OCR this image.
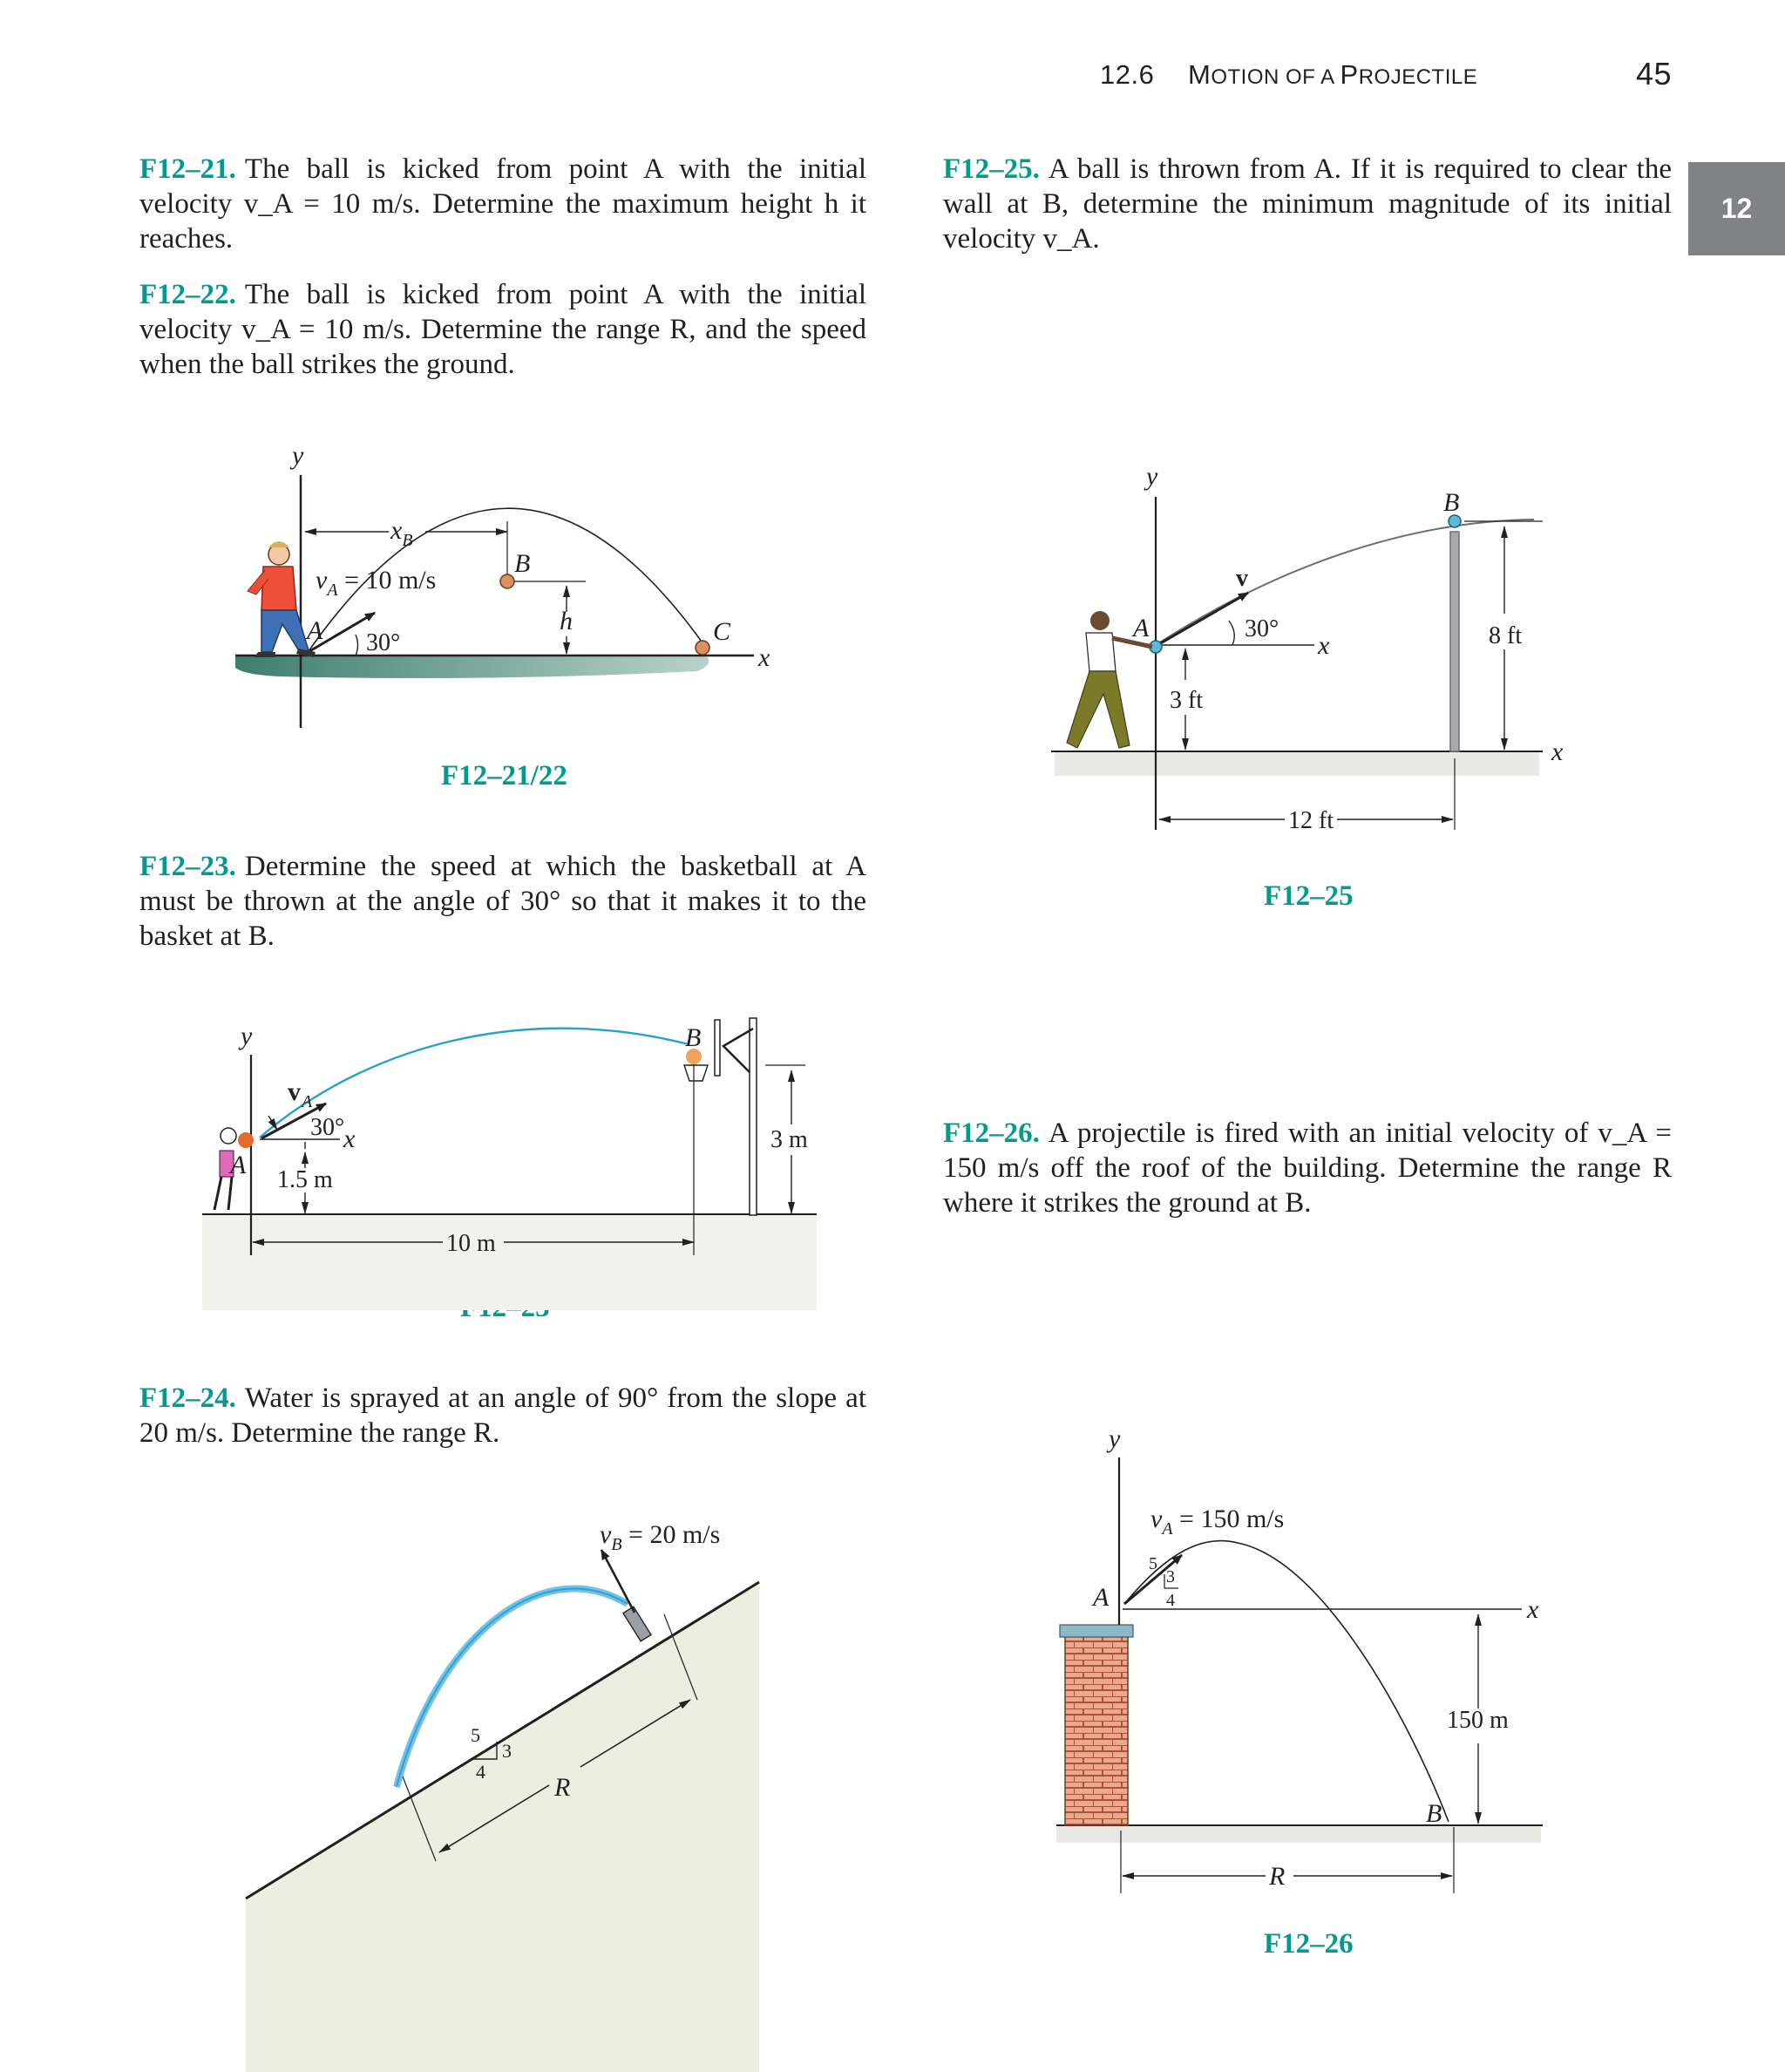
12.6 MOTION OF A PROJECTILE	45
12
F12–21. The ball is kicked from point A with the initial velocity v_A = 10 m/s. Determine the maximum height h it reaches.
F12–22. The ball is kicked from point A with the initial velocity v_A = 10 m/s. Determine the range R, and the speed when the ball strikes the ground.
F12–23. Determine the speed at which the basketball at A must be thrown at the angle of 30° so that it makes it to the basket at B.
F12–24. Water is sprayed at an angle of 90° from the slope at 20 m/s. Determine the range R.
F12–25. A ball is thrown from A. If it is required to clear the wall at B, determine the minimum magnitude of its initial velocity v_A.
F12–26. A projectile is fired with an initial velocity of v_A = 150 m/s off the roof of the building. Determine the range R where it strikes the ground at B.
F12–21/22
F12–25
F12–26
y
x
$x_B$
$v_A = 10$ m/s
A 30°
B
h	C
y
x
v A
30°
A
1.5 m
10 m
B
3 m
$v_B = 20$ m/s
5
4
3
R
x
y
x
v
A	30°
3 ft
B
8 ft
12 ft
y
x
A
$v_A = 150$ m/s
5
4
3
B
150 m
R
